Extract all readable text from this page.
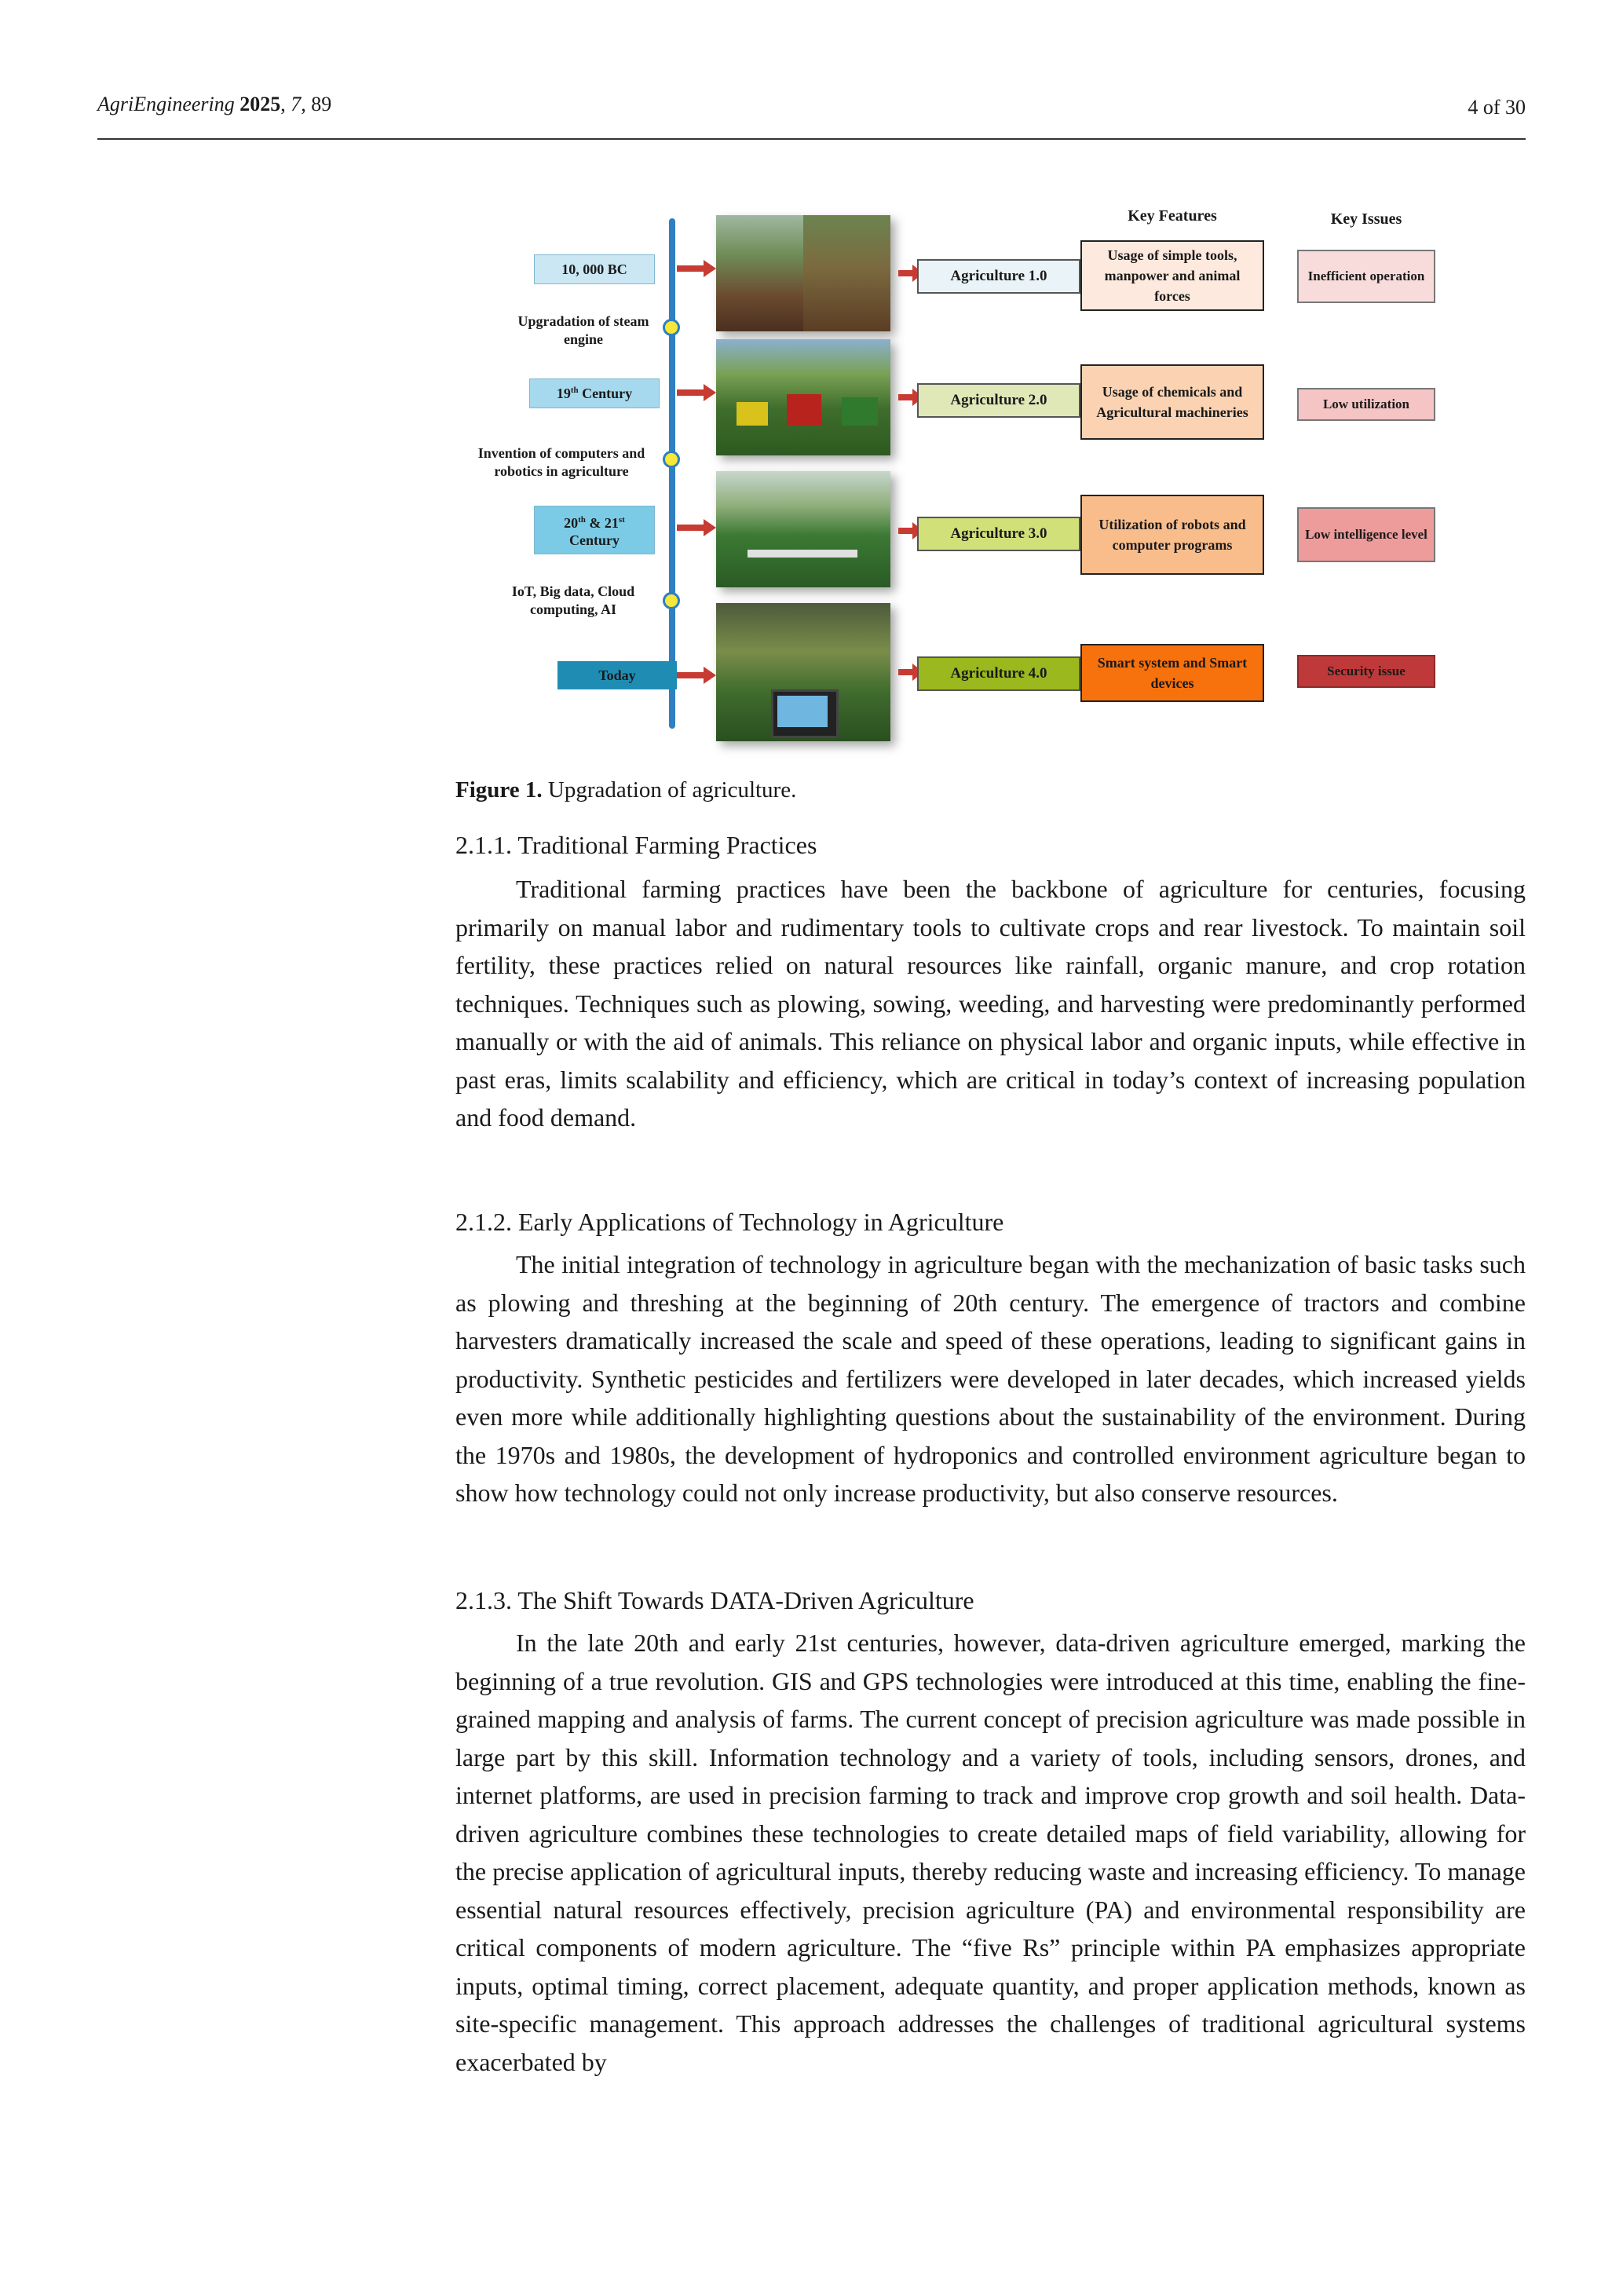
AgriEngineering 2025, 7, 89	4 of 30
Key Features	Key Issues
10, 000 BC
19th Century
20th & 21st
Century
Today
Upgradation of steam engine
Invention of computers and robotics in agriculture
IoT, Big data, Cloud computing, AI
Agriculture 1.0
Agriculture 2.0
Agriculture 3.0
Agriculture 4.0
Usage of simple tools, manpower and animal forces
Usage of chemicals and Agricultural machineries
Utilization of robots and computer programs
Smart system and Smart devices
Inefficient operation
Low utilization
Low intelligence level
Security issue
Figure 1. Upgradation of agriculture.
2.1.1. Traditional Farming Practices

Traditional farming practices have been the backbone of agriculture for centuries, focusing primarily on manual labor and rudimentary tools to cultivate crops and rear livestock. To maintain soil fertility, these practices relied on natural resources like rainfall, organic manure, and crop rotation techniques. Techniques such as plowing, sowing, weeding, and harvesting were predominantly performed manually or with the aid of animals. This reliance on physical labor and organic inputs, while effective in past eras, limits scalability and efficiency, which are critical in today’s context of increasing population and food demand.

2.1.2. Early Applications of Technology in Agriculture

The initial integration of technology in agriculture began with the mechanization of basic tasks such as plowing and threshing at the beginning of 20th century. The emergence of tractors and combine harvesters dramatically increased the scale and speed of these operations, leading to significant gains in productivity. Synthetic pesticides and fertilizers were developed in later decades, which increased yields even more while additionally highlighting questions about the sustainability of the environment. During the 1970s and 1980s, the development of hydroponics and controlled environment agriculture began to show how technology could not only increase productivity, but also conserve resources.

2.1.3. The Shift Towards DATA-Driven Agriculture

In the late 20th and early 21st centuries, however, data-driven agriculture emerged, marking the beginning of a true revolution. GIS and GPS technologies were introduced at this time, enabling the fine-grained mapping and analysis of farms. The current concept of precision agriculture was made possible in large part by this skill. Information technology and a variety of tools, including sensors, drones, and internet platforms, are used in precision farming to track and improve crop growth and soil health. Data-driven agriculture combines these technologies to create detailed maps of field variability, allowing for the precise application of agricultural inputs, thereby reducing waste and increasing efficiency. To manage essential natural resources effectively, precision agriculture (PA) and environmental responsibility are critical components of modern agriculture. The “five Rs” principle within PA emphasizes appropriate inputs, optimal timing, correct placement, adequate quantity, and proper application methods, known as site-specific management. This approach addresses the challenges of traditional agricultural systems exacerbated by
